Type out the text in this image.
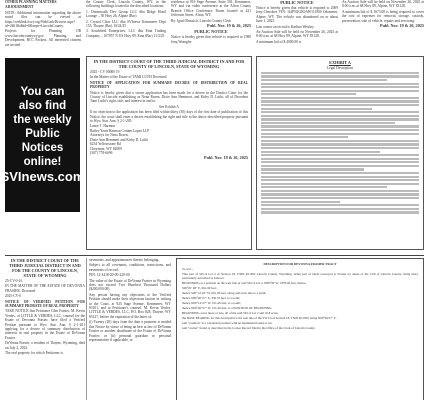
OTHER PLANNING MATTERS

ADJOURNMENT

NOTE: Additional information regarding the above noted files can be viewed at https://weblink.lcwy.org/WebLink/Browse.aspx?id=2461&dbid=0&repo=LincolnCounty.

Projects for Planning OR www.lincolncountywy.gov. Planning and Development, BCC Packets. All interested citizens are invited

the County Clerk, Lincoln County, WY, in the following buildings located in the described locations:

1. Dreamwalk Dev Group LLC dba Ridge Hotel Lounge – 50 Hwy 26, Alpine (Bar)

2. Crystal Clear LLC dba SVInews Kemmerer Dept 153, Thayne (Bar) 10/24/25

3. Southfield Enterprises, LLC dba Etna Trading Company – 107857 N US Hwy 89, Etna (Bar) 11/3/25

residence at 916 Sage Avenue, Suite 301, Kemmerer, WY and via video conference at the Afton County Branch Office Conference Room located at 421 Jefferson Street, Afton, WY.

By: Iguel Brassich, Lincoln County Clerk

Publ. Nov. 19 & 26, 2025

PUBLIC NOTICE

Notice is hereby given that vehicle is required to 1980 Jeep Wrangler

PUBLIC NOTICE

Notice is hereby given that vehicle is required to 2009 Jeep Cherokee VIN: 1J4PN2GK0AW111900 Odometer, Alpine, WY. The vehicle was abandoned on or about June 1, 2025.

Last owner on record is Karlina Westley.

An Auction Sale will be held on November 26, 2025 at 8:00 a.m. at 68 Hwy 89, Alpine, WY 83128.

A minimum bid of $ 4000.00 is

An Auction Sale will be held on November 26, 2025 at 8:00 a.m. at 68 Hwy 89, Alpine, WY 83128.

A minimum bid of $ 1673.00 is being required to cover the cost of expenses for removal, storage, custody, preservation, sale of vehicle, repairs and servicing.

Publ. Nov. 19 & 26, 2025

You can
also find
the weekly
Public
Notices
online!
SVInews.com

IN THE DISTRICT COURT OF THE THIRD JUDICIAL DISTRICT IN AND FOR THE COUNTY OF LINCOLN, STATE OF WYOMING

2025 - CV 00000 19

In the Matter of the Estate of TAMI LUTH Deceased.

NOTICE OF APPLICATION FOR SUMMARY DECREE OF DISTRIBUTION OF REAL PROPERTY

Notice is hereby given that a sworn application has been made for a decree in the District Court for the County of Lincoln establishing as Nena Rosen, Dixie Ann Hemmert, and Kirby D. Luthi, all of Decedent Tami Luthi's right, title, and interest in and to:

See Exhibit A

If no objection to the application has been filed within thirty (30) days of the first date of publication of this Notice, the court shall enter a decree establishing the right and title to the above described property pursuant to Wyo. Stat. Ann. § 2-1-205.

Lance T. Harmon

Bailey Yeats Harmon Cottam Lopez LLP

Attorneys for Nena Rosen,

Dixie Ann Hemmert and Kirby D. Luthi

6234 Yellowstone Rd

Cheyenne, WY 82009

(307) 778-6696

Publ. Nov. 19 & 26, 2025

EXHIBIT A

Legal Description

IN THE DISTRICT COURT OF THE THIRD JUDICIAL DISTRICT IN AND FOR THE COUNTY OF LINCOLN, STATE OF WYOMING

25-CV-0-16

IN THE MATTER OF THE ESTATE OF DEVONNA FRASIER, Deceased

2025-CV-0

NOTICE OF VERIFIED PETITION FOR SUMMARY PROBATE OF REAL PROPERTY

TAKE NOTICE that Petitioner Glen Frasier, M. Kevin Verdes, of LITTLE & VERDES, LLC, counsel for the Estate of Devonna Frasier, have filed a Verified Petition pursuant to Wyo. Stat. Ann. § 2-1-201 applying for a decree of summary distribution of interests in real property in the Estate of DeVonna Frasier.

DeVonna Frasier, a resident of Thayne, Wyoming, died on July 3, 2023.

The real property for which Petitioner is

easements, and appurtenances thereto belonging.

Subject to all covenants, conditions, restrictions, and easements of record.

PIN: 12-3418-20-00-220-00

The value of the Estate of DeVonna Frasier in Wyoming does not exceed Two Hundred Thousand Dollars ($200,000.00).

Any person having any objections to the Verified Petition should make their objections known in writing to the Court, at 925 Sage Avenue, Kemmerer, WY 83101, and to Petitioner's counsel, M. Kevin Verdes, LITTLE & VERDES, LLC, P.O. Box 828, Thayne, WY 83127, before the expiration of the latter of:

(i) Twenty (20) days from the date a payment is mailed this Notice by virtue of being an heir at law of DeVonna Frasier or another distributee of the Estate of DeVonna Frasier; or (ii) personal guardian or personal representative if applicable, or

DESCRIPTION FOR DEVONNA FRASIER TRACT

To-wit: –

That part of SE1/4 Lot 2 of Section 18, T36N R118W Lincoln County, Wyoming, being part of lands conveyed to Frasier by deeds of the 15th of Lincoln County, being more particularly described as follows:

BEGINNING at a position on the west line of said SE1/4 Lot 2, N89°59' W, 1978.49 feet, thence,

S00°01' 48" E, 661.99 feet;

thence S00°14' 20" W, 661.09 feet, along said west line to a point;

thence N86°40' 07" E, 336.53 feet, to a point;

thence N00°14' 07" W, 101.49 feet, to a point;

thence N00°46' 07" W, 101.40 feet, to a POSITION OF BEGINNING.

BEGINNING acres more or less, all of the said SE1/4 Lot 2 and 10.8 acres.

the BASE BEARING for this description is the east line of the SW1/4 of Section 18, T36N R118W, being N00°04'27" E.

said "position" is a calculated position with no monument found or set.

said "corner" found or described in the Corner Record filed in the Office of the Clerk of Lincoln County.
